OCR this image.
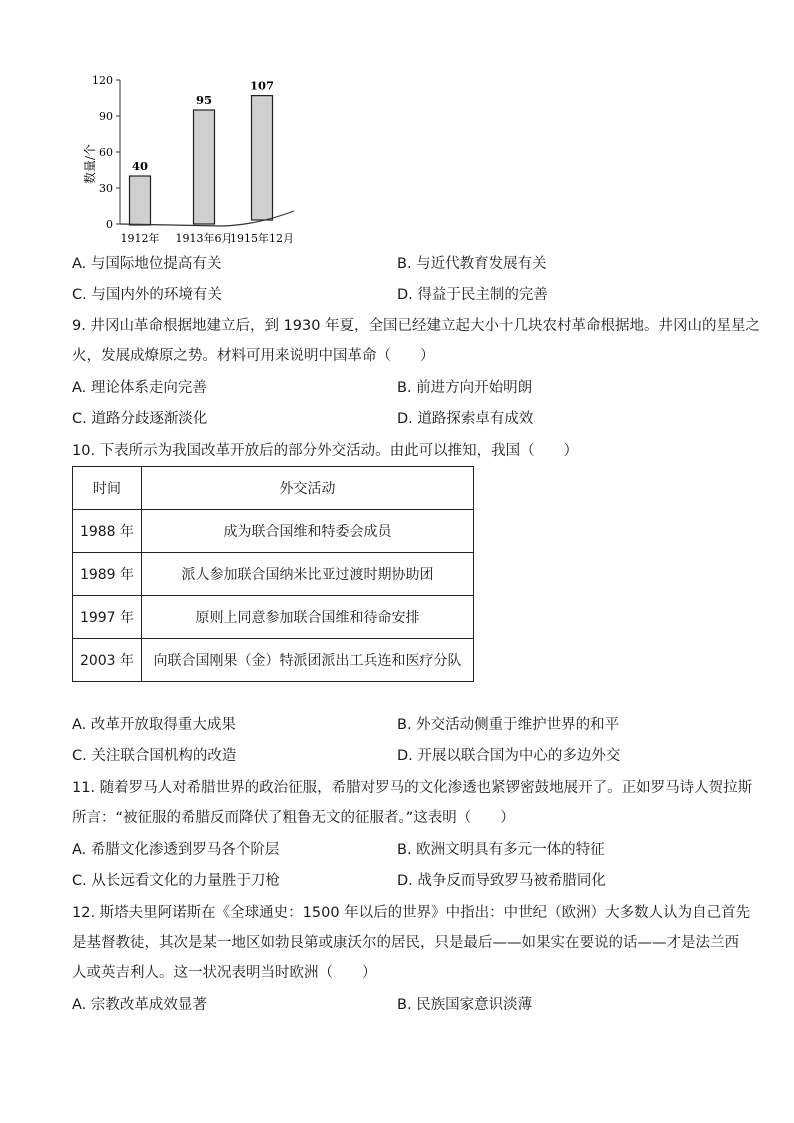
数量/个
0
30
60
90
120
40
95
107
1912年 1913年6月
1915年12月
A. 与国际地位提高有关	B. 与近代教育发展有关
C. 与国内外的环境有关	D. 得益于民主制的完善
9. 井冈山革命根据地建立后，到 1930 年夏，全国已经建立起大小十几块农村革命根据地。井冈山的星星之
火，发展成燎原之势。材料可用来说明中国革命（　　）
A. 理论体系走向完善	B. 前进方向开始明朗
C. 道路分歧逐渐淡化	D. 道路探索卓有成效
10. 下表所示为我国改革开放后的部分外交活动。由此可以推知，我国（　　）
时间	外交活动
1988 年	成为联合国维和特委会成员
1989 年	派人参加联合国纳米比亚过渡时期协助团
1997 年	原则上同意参加联合国维和待命安排
2003 年	向联合国刚果（金）特派团派出工兵连和医疗分队
A. 改革开放取得重大成果	B. 外交活动侧重于维护世界的和平
C. 关注联合国机构的改造	D. 开展以联合国为中心的多边外交
11. 随着罗马人对希腊世界的政治征服，希腊对罗马的文化渗透也紧锣密鼓地展开了。正如罗马诗人贺拉斯
所言：“被征服的希腊反而降伏了粗鲁无文的征服者。”这表明（　　）
A. 希腊文化渗透到罗马各个阶层	B. 欧洲文明具有多元一体的特征
C. 从长远看文化的力量胜于刀枪	D. 战争反而导致罗马被希腊同化
12. 斯塔夫里阿诺斯在《全球通史：1500 年以后的世界》中指出：中世纪（欧洲）大多数人认为自己首先
是基督教徒，其次是某一地区如勃艮第或康沃尔的居民，只是最后——如果实在要说的话——才是法兰西
人或英吉利人。这一状况表明当时欧洲（　　）
A. 宗教改革成效显著	B. 民族国家意识淡薄
